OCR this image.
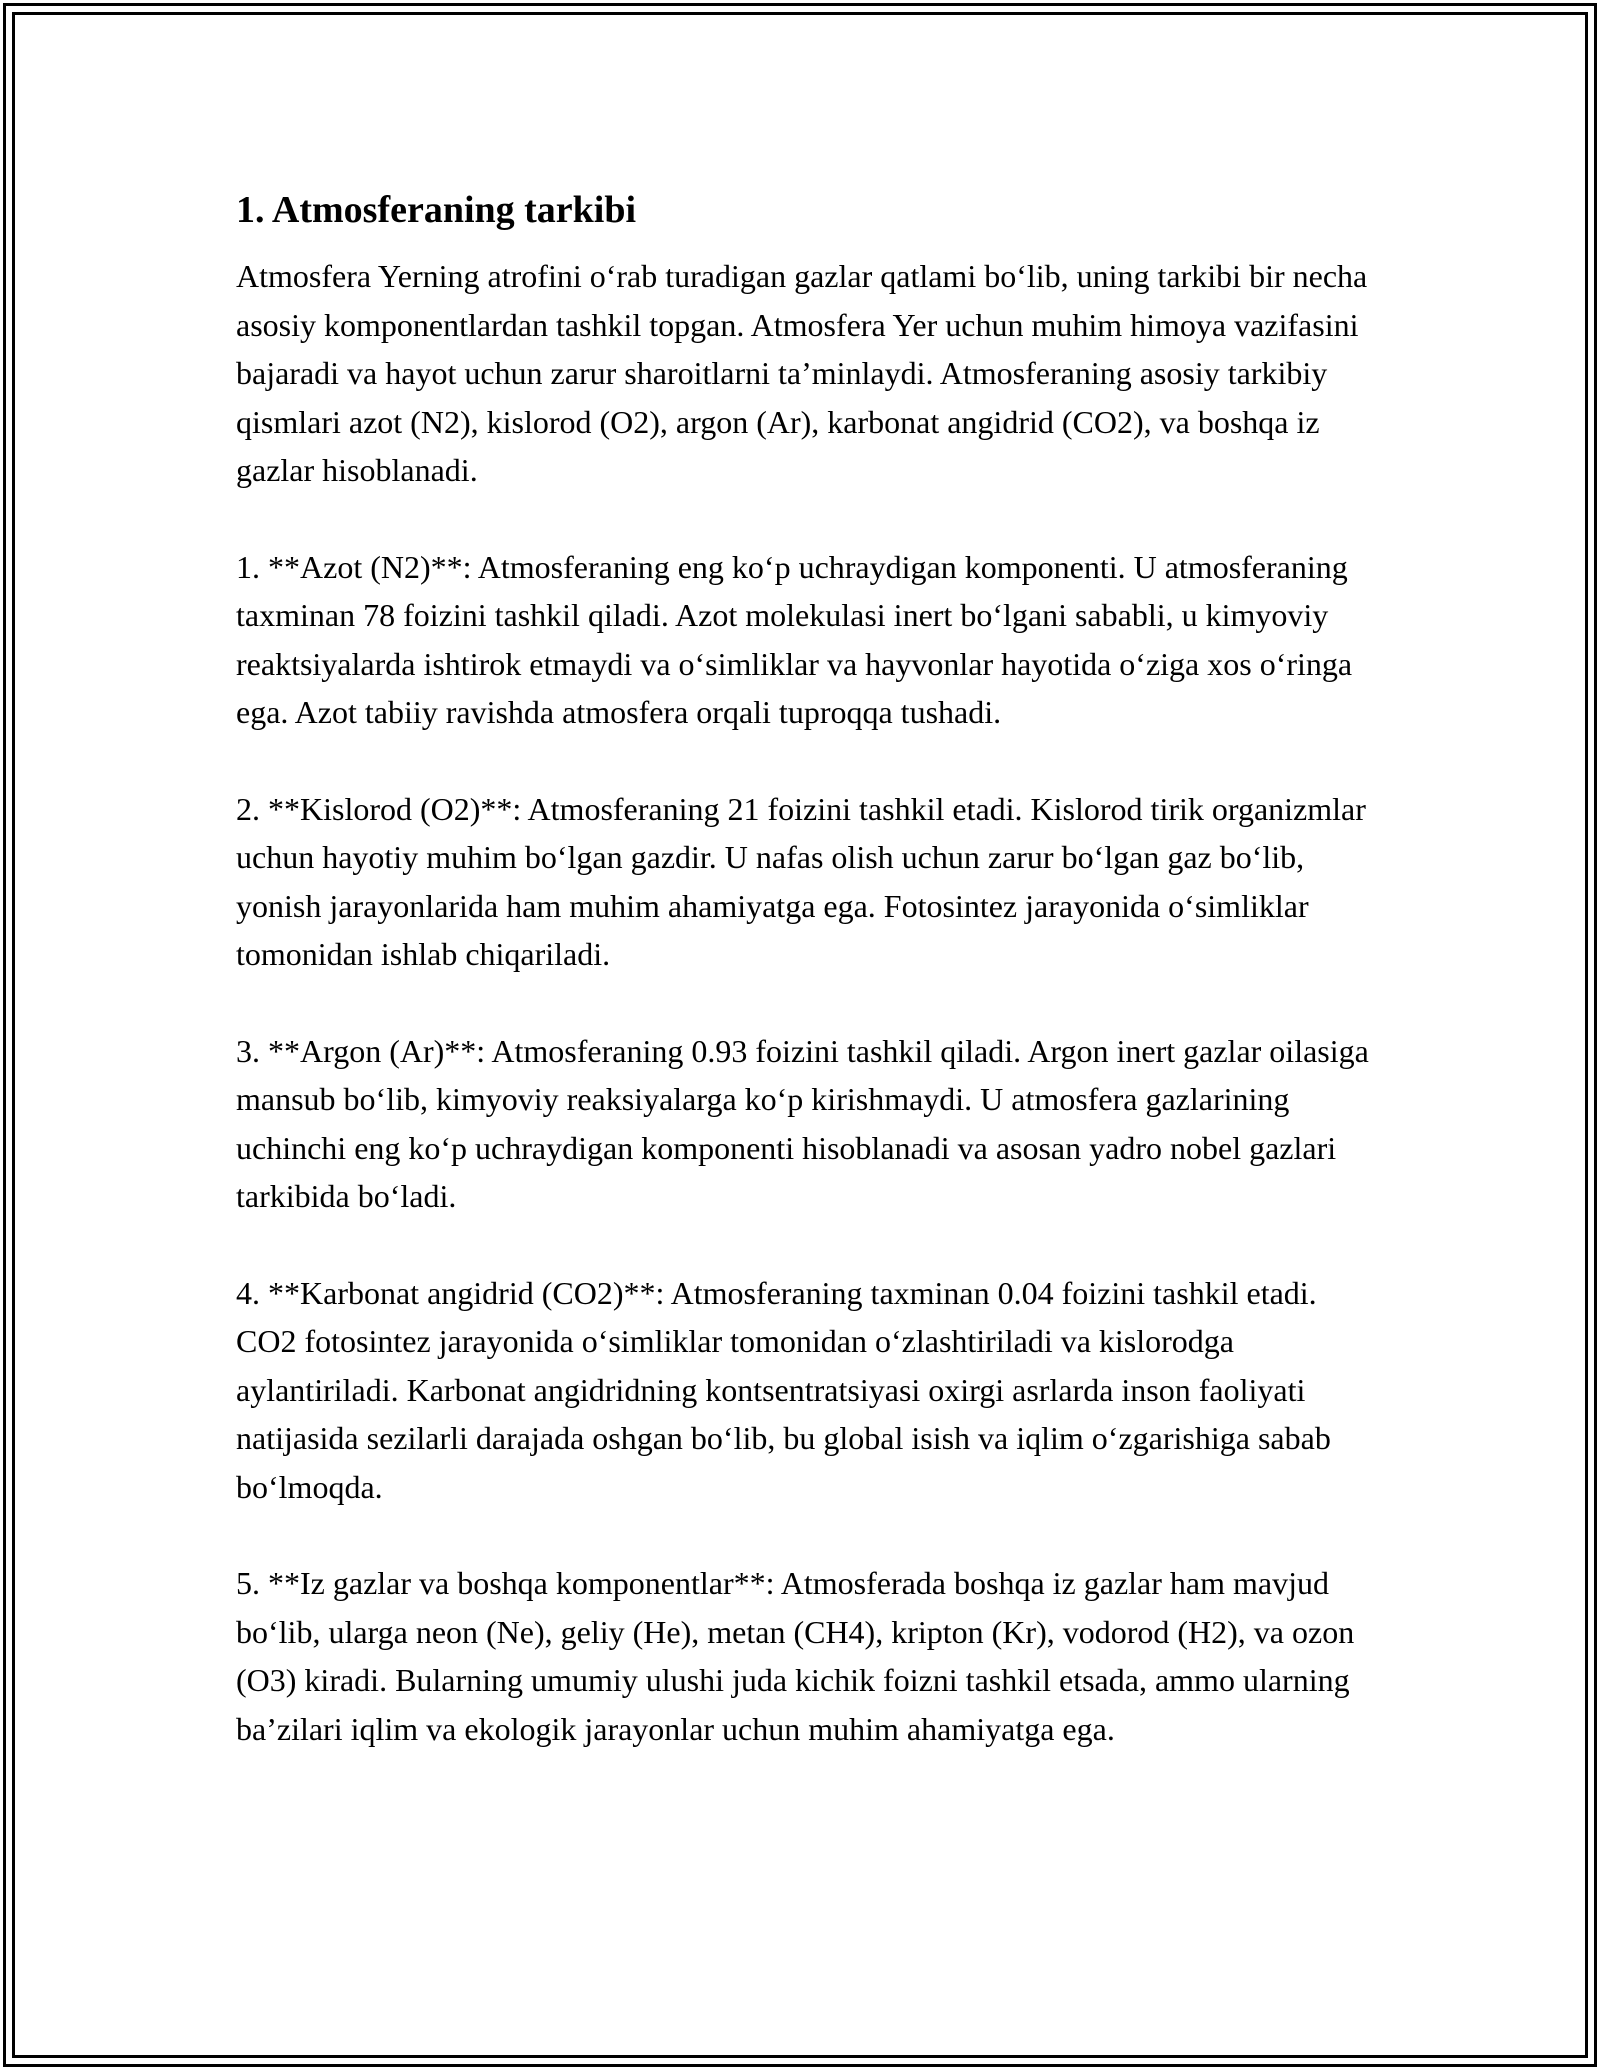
1. Atmosferaning tarkibi

Atmosfera Yerning atrofini o‘rab turadigan gazlar qatlami bo‘lib, uning tarkibi bir necha asosiy komponentlardan tashkil topgan. Atmosfera Yer uchun muhim himoya vazifasini bajaradi va hayot uchun zarur sharoitlarni ta’minlaydi. Atmosferaning asosiy tarkibiy qismlari azot (N2), kislorod (O2), argon (Ar), karbonat angidrid (CO2), va boshqa iz gazlar hisoblanadi.

1. **Azot (N2)**: Atmosferaning eng ko‘p uchraydigan komponenti. U atmosferaning taxminan 78 foizini tashkil qiladi. Azot molekulasi inert bo‘lgani sababli, u kimyoviy reaktsiyalarda ishtirok etmaydi va o‘simliklar va hayvonlar hayotida o‘ziga xos o‘ringa ega. Azot tabiiy ravishda atmosfera orqali tuproqqa tushadi.

2. **Kislorod (O2)**: Atmosferaning 21 foizini tashkil etadi. Kislorod tirik organizmlar uchun hayotiy muhim bo‘lgan gazdir. U nafas olish uchun zarur bo‘lgan gaz bo‘lib, yonish jarayonlarida ham muhim ahamiyatga ega. Fotosintez jarayonida o‘simliklar tomonidan ishlab chiqariladi.

3. **Argon (Ar)**: Atmosferaning 0.93 foizini tashkil qiladi. Argon inert gazlar oilasiga mansub bo‘lib, kimyoviy reaksiyalarga ko‘p kirishmaydi. U atmosfera gazlarining uchinchi eng ko‘p uchraydigan komponenti hisoblanadi va asosan yadro nobel gazlari tarkibida bo‘ladi.

4. **Karbonat angidrid (CO2)**: Atmosferaning taxminan 0.04 foizini tashkil etadi. CO2 fotosintez jarayonida o‘simliklar tomonidan o‘zlashtiriladi va kislorodga aylantiriladi. Karbonat angidridning kontsentratsiyasi oxirgi asrlarda inson faoliyati natijasida sezilarli darajada oshgan bo‘lib, bu global isish va iqlim o‘zgarishiga sabab bo‘lmoqda.

5. **Iz gazlar va boshqa komponentlar**: Atmosferada boshqa iz gazlar ham mavjud bo‘lib, ularga neon (Ne), geliy (He), metan (CH4), kripton (Kr), vodorod (H2), va ozon (O3) kiradi. Bularning umumiy ulushi juda kichik foizni tashkil etsada, ammo ularning ba’zilari iqlim va ekologik jarayonlar uchun muhim ahamiyatga ega.
